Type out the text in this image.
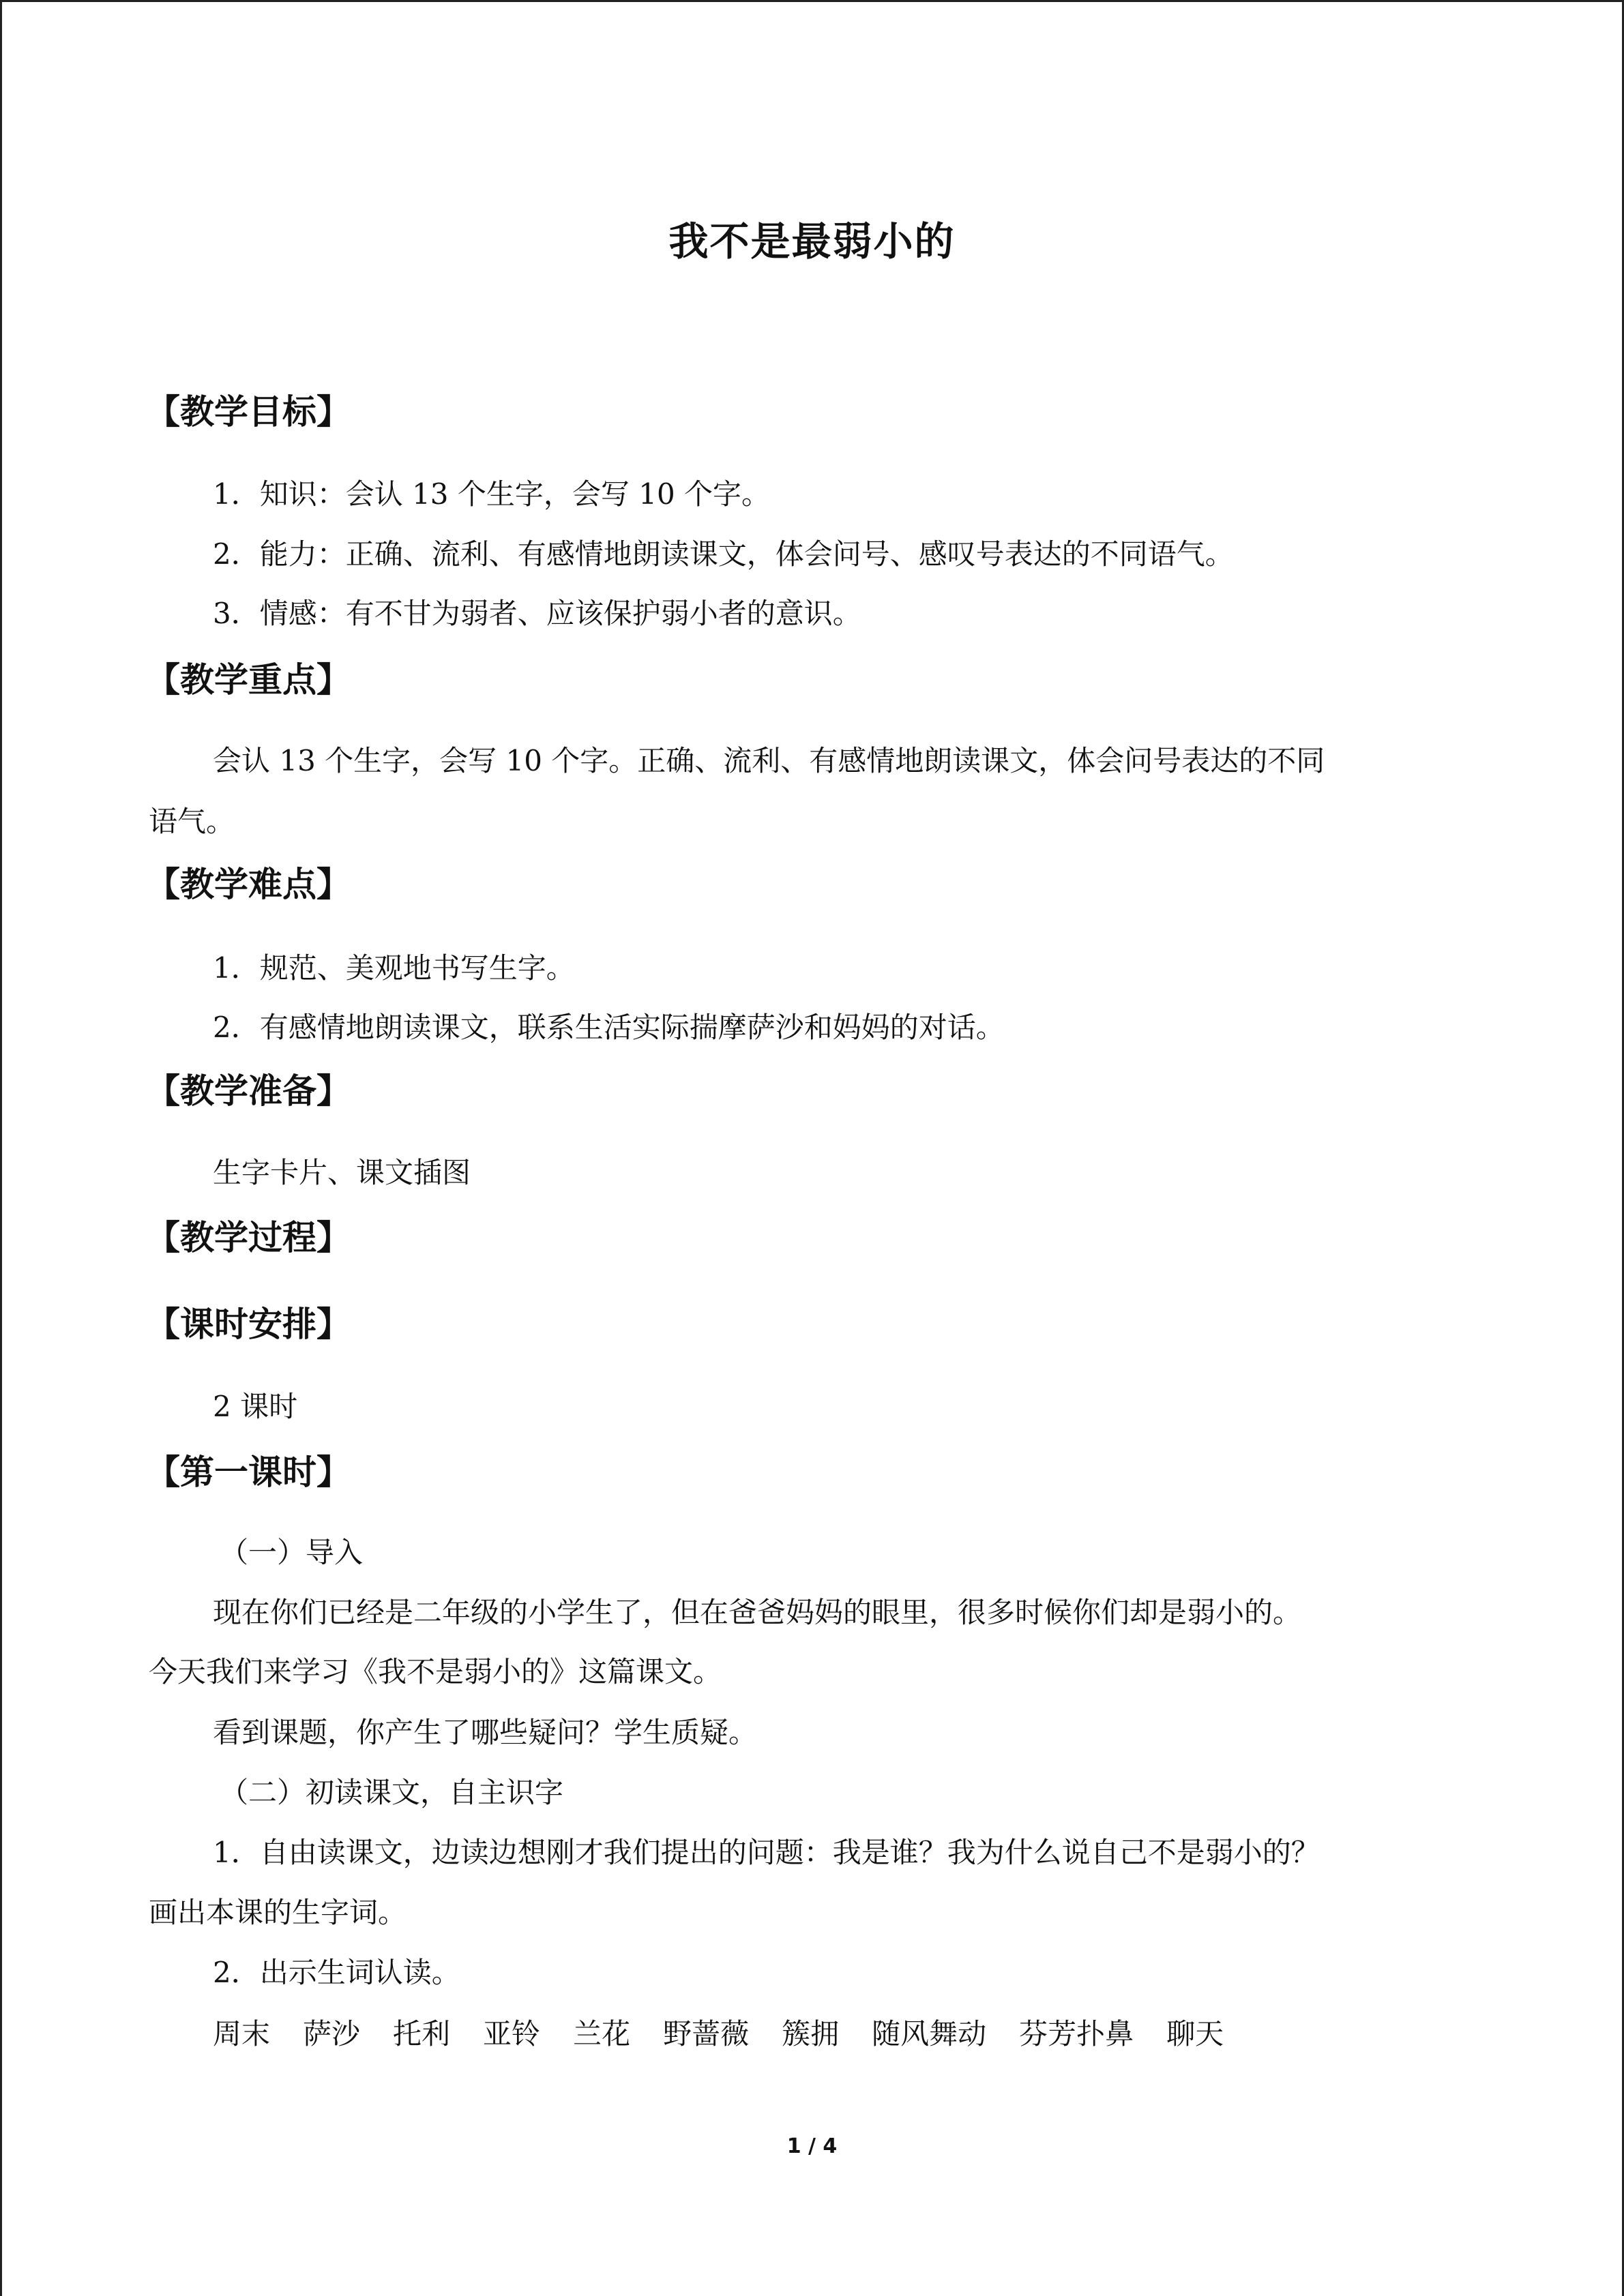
我不是最弱小的
【教学目标】
1．知识：会认 13 个生字，会写 10 个字。
2．能力：正确、流利、有感情地朗读课文，体会问号、感叹号表达的不同语气。
3．情感：有不甘为弱者、应该保护弱小者的意识。
【教学重点】
会认 13 个生字，会写 10 个字。正确、流利、有感情地朗读课文，体会问号表达的不同
语气。
【教学难点】
1．规范、美观地书写生字。
2．有感情地朗读课文，联系生活实际揣摩萨沙和妈妈的对话。
【教学准备】
生字卡片、课文插图
【教学过程】
【课时安排】
2 课时
【第一课时】
（一）导入
现在你们已经是二年级的小学生了，但在爸爸妈妈的眼里，很多时候你们却是弱小的。
今天我们来学习《我不是弱小的》这篇课文。
看到课题，你产生了哪些疑问？学生质疑。
（二）初读课文，自主识字
1．自由读课文，边读边想刚才我们提出的问题：我是谁？我为什么说自己不是弱小的？
画出本课的生字词。
2．出示生词认读。
周末 萨沙 托利 亚铃 兰花 野蔷薇 簇拥 随风舞动 芬芳扑鼻 聊天
1 / 4
